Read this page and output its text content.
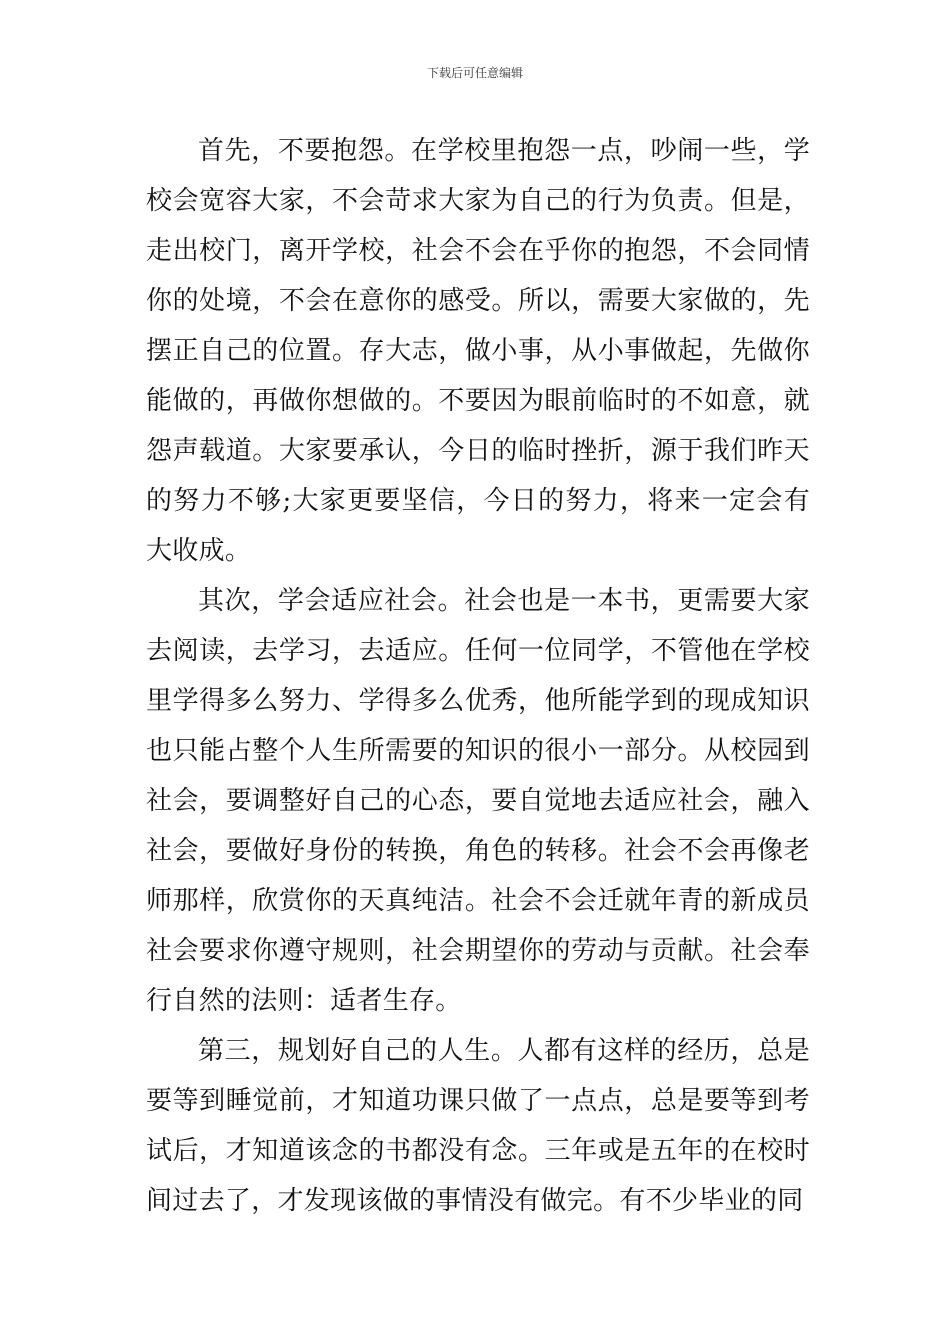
下载后可任意编辑

首先，不要抱怨。在学校里抱怨一点，吵闹一些，学校会宽容大家，不会苛求大家为自己的行为负责。但是，走出校门，离开学校，社会不会在乎你的抱怨，不会同情你的处境，不会在意你的感受。所以，需要大家做的，先摆正自己的位置。存大志，做小事，从小事做起，先做你能做的，再做你想做的。不要因为眼前临时的不如意，就怨声载道。大家要承认，今日的临时挫折，源于我们昨天的努力不够;大家更要坚信，今日的努力，将来一定会有大收成。

其次，学会适应社会。社会也是一本书，更需要大家去阅读，去学习，去适应。任何一位同学，不管他在学校里学得多么努力、学得多么优秀，他所能学到的现成知识也只能占整个人生所需要的知识的很小一部分。从校园到社会，要调整好自己的心态，要自觉地去适应社会，融入社会，要做好身份的转换，角色的转移。社会不会再像老师那样，欣赏你的天真纯洁。社会不会迁就年青的新成员社会要求你遵守规则，社会期望你的劳动与贡献。社会奉行自然的法则：适者生存。

第三，规划好自己的人生。人都有这样的经历，总是要等到睡觉前，才知道功课只做了一点点，总是要等到考试后，才知道该念的书都没有念。三年或是五年的在校时间过去了，才发现该做的事情没有做完。有不少毕业的同
